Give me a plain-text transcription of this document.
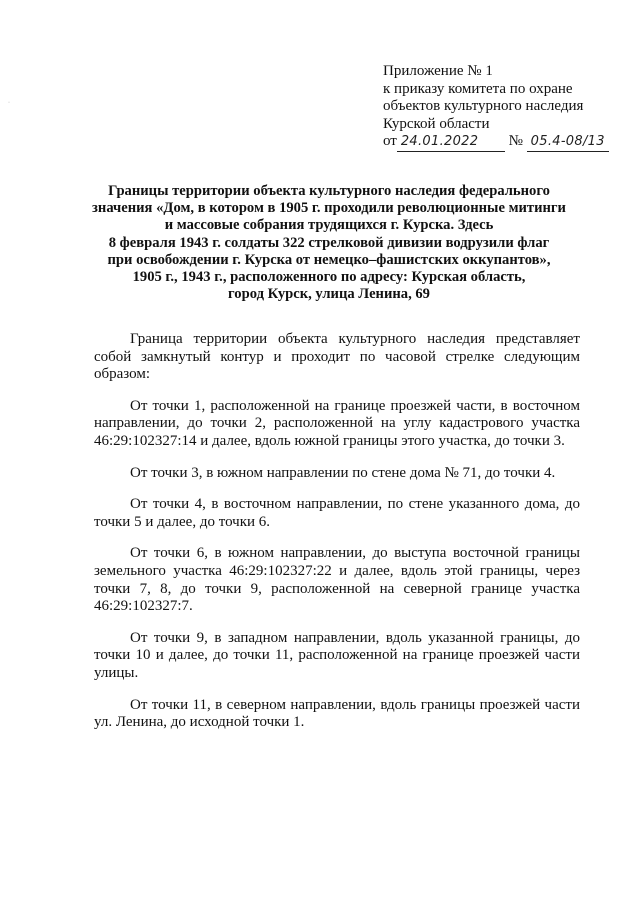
·
Приложение № 1
к приказу комитета по охране
объектов культурного наследия
Курской области
от 24.01.2022 № 05.4-08/13
Границы территории объекта культурного наследия федерального
значения «Дом, в котором в 1905 г. проходили революционные митинги
и массовые собрания трудящихся г. Курска. Здесь
8 февраля 1943 г. солдаты 322 стрелковой дивизии водрузили флаг
при освобождении г. Курска от немецко–фашистских оккупантов»,
1905 г., 1943 г., расположенного по адресу: Курская область,
город Курск, улица Ленина, 69

Граница территории объекта культурного наследия представляет собой замкнутый контур и проходит по часовой стрелке следующим образом:

От точки 1, расположенной на границе проезжей части, в восточном направлении, до точки 2, расположенной на углу кадастрового участка 46:29:102327:14 и далее, вдоль южной границы этого участка, до точки 3.

От точки 3, в южном направлении по стене дома № 71, до точки 4.

От точки 4, в восточном направлении, по стене указанного дома, до точки 5 и далее, до точки 6.

От точки 6, в южном направлении, до выступа восточной границы земельного участка 46:29:102327:22 и далее, вдоль этой границы, через точки 7, 8, до точки 9, расположенной на северной границе участка 46:29:102327:7.

От точки 9, в западном направлении, вдоль указанной границы, до точки 10 и далее, до точки 11, расположенной на границе проезжей части улицы.

От точки 11, в северном направлении, вдоль границы проезжей части ул. Ленина, до исходной точки 1.
